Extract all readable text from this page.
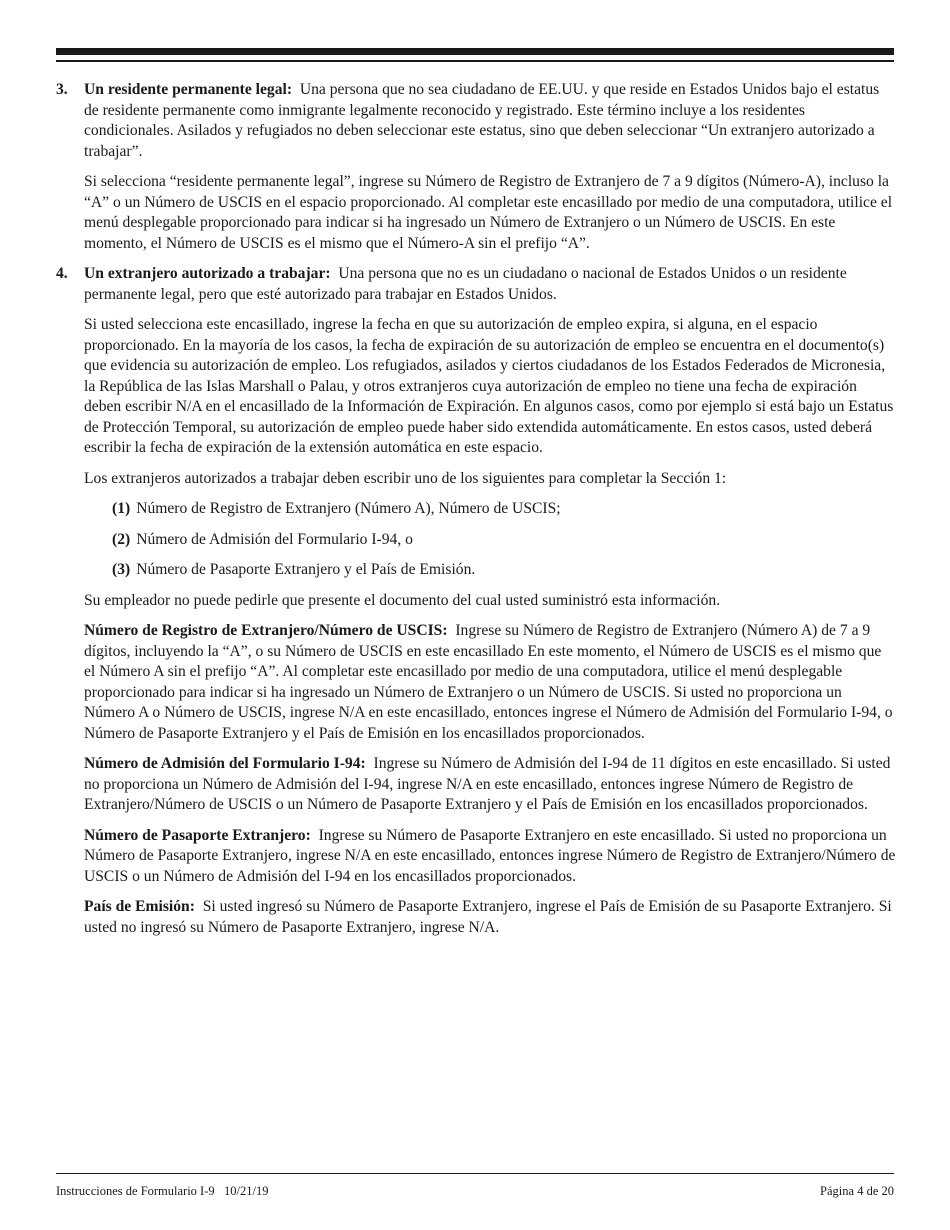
3. Un residente permanente legal: Una persona que no sea ciudadano de EE.UU. y que reside en Estados Unidos bajo el estatus de residente permanente como inmigrante legalmente reconocido y registrado. Este término incluye a los residentes condicionales. Asilados y refugiados no deben seleccionar este estatus, sino que deben seleccionar “Un extranjero autorizado a trabajar”.

Si selecciona “residente permanente legal”, ingrese su Número de Registro de Extranjero de 7 a 9 dígitos (Número-A), incluso la “A” o un Número de USCIS en el espacio proporcionado. Al completar este encasillado por medio de una computadora, utilice el menú desplegable proporcionado para indicar si ha ingresado un Número de Extranjero o un Número de USCIS. En este momento, el Número de USCIS es el mismo que el Número-A sin el prefijo “A”.

4. Un extranjero autorizado a trabajar: Una persona que no es un ciudadano o nacional de Estados Unidos o un residente permanente legal, pero que esté autorizado para trabajar en Estados Unidos.

Si usted selecciona este encasillado, ingrese la fecha en que su autorización de empleo expira, si alguna, en el espacio proporcionado. En la mayoría de los casos, la fecha de expiración de su autorización de empleo se encuentra en el documento(s) que evidencia su autorización de empleo. Los refugiados, asilados y ciertos ciudadanos de los Estados Federados de Micronesia, la República de las Islas Marshall o Palau, y otros extranjeros cuya autorización de empleo no tiene una fecha de expiración deben escribir N/A en el encasillado de la Información de Expiración. En algunos casos, como por ejemplo si está bajo un Estatus de Protección Temporal, su autorización de empleo puede haber sido extendida automáticamente. En estos casos, usted deberá escribir la fecha de expiración de la extensión automática en este espacio.

Los extranjeros autorizados a trabajar deben escribir uno de los siguientes para completar la Sección 1:

(1) Número de Registro de Extranjero (Número A), Número de USCIS;

(2) Número de Admisión del Formulario I-94, o

(3) Número de Pasaporte Extranjero y el País de Emisión.

Su empleador no puede pedirle que presente el documento del cual usted suministró esta información.

Número de Registro de Extranjero/Número de USCIS: Ingrese su Número de Registro de Extranjero (Número A) de 7 a 9 dígitos, incluyendo la “A”, o su Número de USCIS en este encasillado En este momento, el Número de USCIS es el mismo que el Número A sin el prefijo “A”. Al completar este encasillado por medio de una computadora, utilice el menú desplegable proporcionado para indicar si ha ingresado un Número de Extranjero o un Número de USCIS. Si usted no proporciona un Número A o Número de USCIS, ingrese N/A en este encasillado, entonces ingrese el Número de Admisión del Formulario I-94, o Número de Pasaporte Extranjero y el País de Emisión en los encasillados proporcionados.

Número de Admisión del Formulario I-94: Ingrese su Número de Admisión del I-94 de 11 dígitos en este encasillado. Si usted no proporciona un Número de Admisión del I-94, ingrese N/A en este encasillado, entonces ingrese Número de Registro de Extranjero/Número de USCIS o un Número de Pasaporte Extranjero y el País de Emisión en los encasillados proporcionados.

Número de Pasaporte Extranjero: Ingrese su Número de Pasaporte Extranjero en este encasillado. Si usted no proporciona un Número de Pasaporte Extranjero, ingrese N/A en este encasillado, entonces ingrese Número de Registro de Extranjero/Número de USCIS o un Número de Admisión del I-94 en los encasillados proporcionados.

País de Emisión: Si usted ingresó su Número de Pasaporte Extranjero, ingrese el País de Emisión de su Pasaporte Extranjero. Si usted no ingresó su Número de Pasaporte Extranjero, ingrese N/A.

Instrucciones de Formulario I-9   10/21/19	Página 4 de 20
